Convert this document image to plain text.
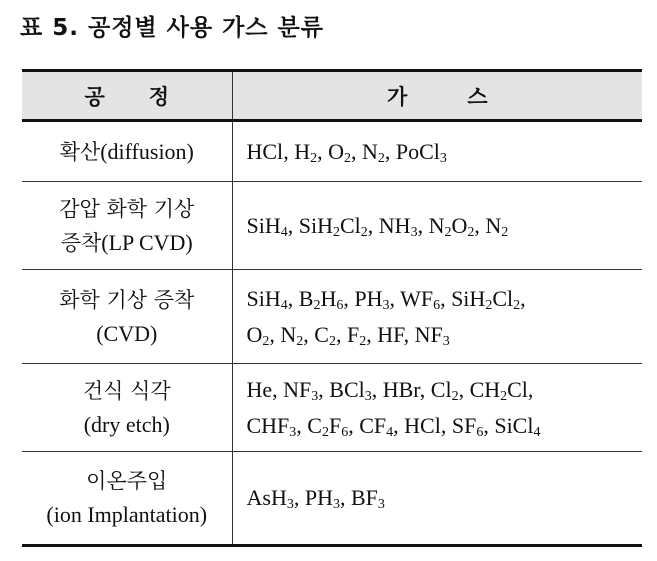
표 5. 공정별 사용 가스 분류
공정	가스

확산(diffusion)	HCl, $H_2$, $O_2$, $N_2$, PoCl$_3$

감압 화학 기상
증착(LP CVD)	SiH$_4$, $SiH_2Cl_2$, $NH_3$, $N_2O_2$, $N_2$

화학 기상 증착
(CVD)	SiH$_4$, $B_2H_6$, $PH_3$, $WF_6$, $SiH_2Cl_2$,
$O_2$, $N_2$, $C_2$, $F_2$, HF, $NF_3$

건식 식각
(dry etch)	He, $NF_3$, BCl$_3$, HBr, $Cl_2$, $CH_2Cl$,
$CHF_3$, $C_2F_6$, $CF_4$, HCl, $SF_6$, SiCl$_4$

이온주입
(ion Implantation)	AsH$_3$, $PH_3$, $BF_3$
